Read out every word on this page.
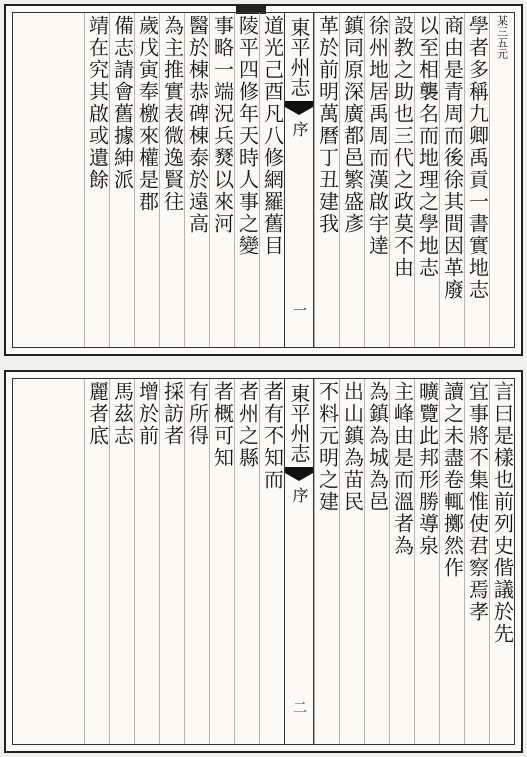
某三五元
學者多稱九卿禹貢一書實地志
商由是青周而後徐其間因革廢
以至相襲名而地理之學地志
設教之助也三代之政莫不由
徐州地居禹周而漢啟宇達
鎮同原深廣都邑繁盛彥
革於前明萬曆丁丑建我
東平州志
序
一
道光己酉凡八修網羅舊目
陵平四修年天時人事之變
事略一端況兵燹以來河
醫於棟恭碑棟泰於遠高
為主推實表微逸賢往
歲戊寅奉檄來權是郡
備志請會舊據紳派
靖在究其啟或遺餘
言曰是樣也前列史偕議於先
宜事將不集惟使君察焉孝
讀之未盡卷輒擲然作
曠覽此邦形勝導泉
主峰由是而溫者為
為鎮為城為邑
出山鎮為苗民
不料元明之建
東平州志
序
二
者有不知而
者州之縣
者概可知
有所得
採訪者
增於前
馬茲志
麗者底
